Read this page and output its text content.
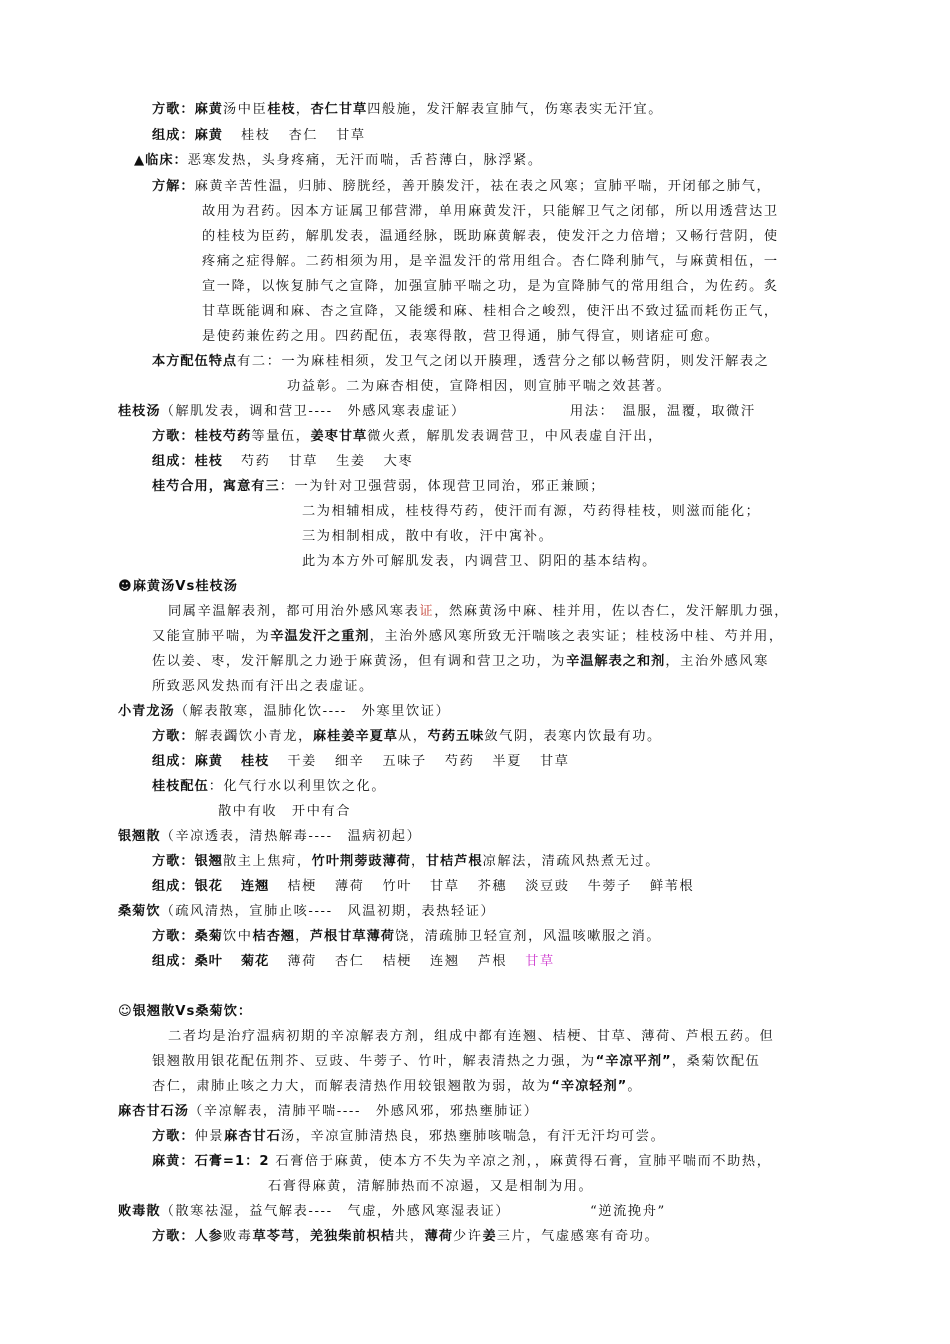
方歌：麻黄汤中臣桂枝，杏仁甘草四般施，发汗解表宣肺气，伤寒表实无汗宜。
组成：麻黄 桂枝 杏仁 甘草
▲临床：恶寒发热，头身疼痛，无汗而喘，舌苔薄白，脉浮紧。
方解：麻黄辛苦性温，归肺、膀胱经，善开腠发汗，祛在表之风寒；宣肺平喘，开闭郁之肺气，
故用为君药。因本方证属卫郁营滞，单用麻黄发汗，只能解卫气之闭郁，所以用透营达卫
的桂枝为臣药，解肌发表，温通经脉，既助麻黄解表，使发汗之力倍增；又畅行营阴，使
疼痛之症得解。二药相须为用，是辛温发汗的常用组合。杏仁降利肺气，与麻黄相伍，一
宣一降，以恢复肺气之宣降，加强宣肺平喘之功，是为宣降肺气的常用组合，为佐药。炙
甘草既能调和麻、杏之宣降，又能缓和麻、桂相合之峻烈，使汗出不致过猛而耗伤正气，
是使药兼佐药之用。四药配伍，表寒得散，营卫得通，肺气得宣，则诸症可愈。
本方配伍特点有二：一为麻桂相须，发卫气之闭以开腠理，透营分之郁以畅营阴，则发汗解表之
功益彰。二为麻杏相使，宣降相因，则宣肺平喘之效甚著。
桂枝汤（解肌发表，调和营卫----　外感风寒表虚证）	用法：　温服，温覆，取微汗
方歌：桂枝芍药等量伍，姜枣甘草微火煮，解肌发表调营卫，中风表虚自汗出，
组成：桂枝 芍药 甘草 生姜 大枣
桂芍合用，寓意有三：一为针对卫强营弱，体现营卫同治，邪正兼顾；
二为相辅相成，桂枝得芍药，使汗而有源，芍药得桂枝，则滋而能化；
三为相制相成，散中有收，汗中寓补。
此为本方外可解肌发表，内调营卫、阴阳的基本结构。
☻麻黄汤Vs桂枝汤
同属辛温解表剂，都可用治外感风寒表证，然麻黄汤中麻、桂并用，佐以杏仁，发汗解肌力强，
又能宣肺平喘，为辛温发汗之重剂，主治外感风寒所致无汗喘咳之表实证；桂枝汤中桂、芍并用，
佐以姜、枣，发汗解肌之力逊于麻黄汤，但有调和营卫之功，为辛温解表之和剂，主治外感风寒
所致恶风发热而有汗出之表虚证。
小青龙汤（解表散寒，温肺化饮----　外寒里饮证）
方歌：解表蠲饮小青龙，麻桂姜辛夏草从，芍药五味敛气阴，表寒内饮最有功。
组成：麻黄 桂枝 干姜 细辛 五味子 芍药 半夏 甘草
桂枝配伍：化气行水以利里饮之化。
散中有收　开中有合
银翘散（辛凉透表，清热解毒----　温病初起）
方歌：银翘散主上焦疴，竹叶荆蒡豉薄荷，甘桔芦根凉解法，清疏风热煮无过。
组成：银花 连翘 桔梗 薄荷 竹叶 甘草 芥穗 淡豆豉 牛蒡子 鲜苇根
桑菊饮（疏风清热，宣肺止咳----　风温初期，表热轻证）
方歌：桑菊饮中桔杏翘，芦根甘草薄荷饶，清疏肺卫轻宣剂，风温咳嗽服之消。
组成：桑叶 菊花 薄荷 杏仁 桔梗 连翘 芦根 甘草
☺银翘散Vs桑菊饮：
二者均是治疗温病初期的辛凉解表方剂，组成中都有连翘、桔梗、甘草、薄荷、芦根五药。但
银翘散用银花配伍荆芥、豆豉、牛蒡子、竹叶，解表清热之力强，为“辛凉平剂”，桑菊饮配伍
杏仁，肃肺止咳之力大，而解表清热作用较银翘散为弱，故为“辛凉轻剂”。
麻杏甘石汤（辛凉解表，清肺平喘----　外感风邪，邪热壅肺证）
方歌：仲景麻杏甘石汤，辛凉宣肺清热良，邪热壅肺咳喘急，有汗无汗均可尝。
麻黄：石膏=1：2 石膏倍于麻黄，使本方不失为辛凉之剂，，麻黄得石膏，宣肺平喘而不助热，
石膏得麻黄，清解肺热而不凉遏，又是相制为用。
败毒散（散寒祛湿，益气解表----　气虚，外感风寒湿表证）	“逆流挽舟”
方歌：人参败毒草苓芎，羌独柴前枳桔共，薄荷少许姜三片，气虚感寒有奇功。
